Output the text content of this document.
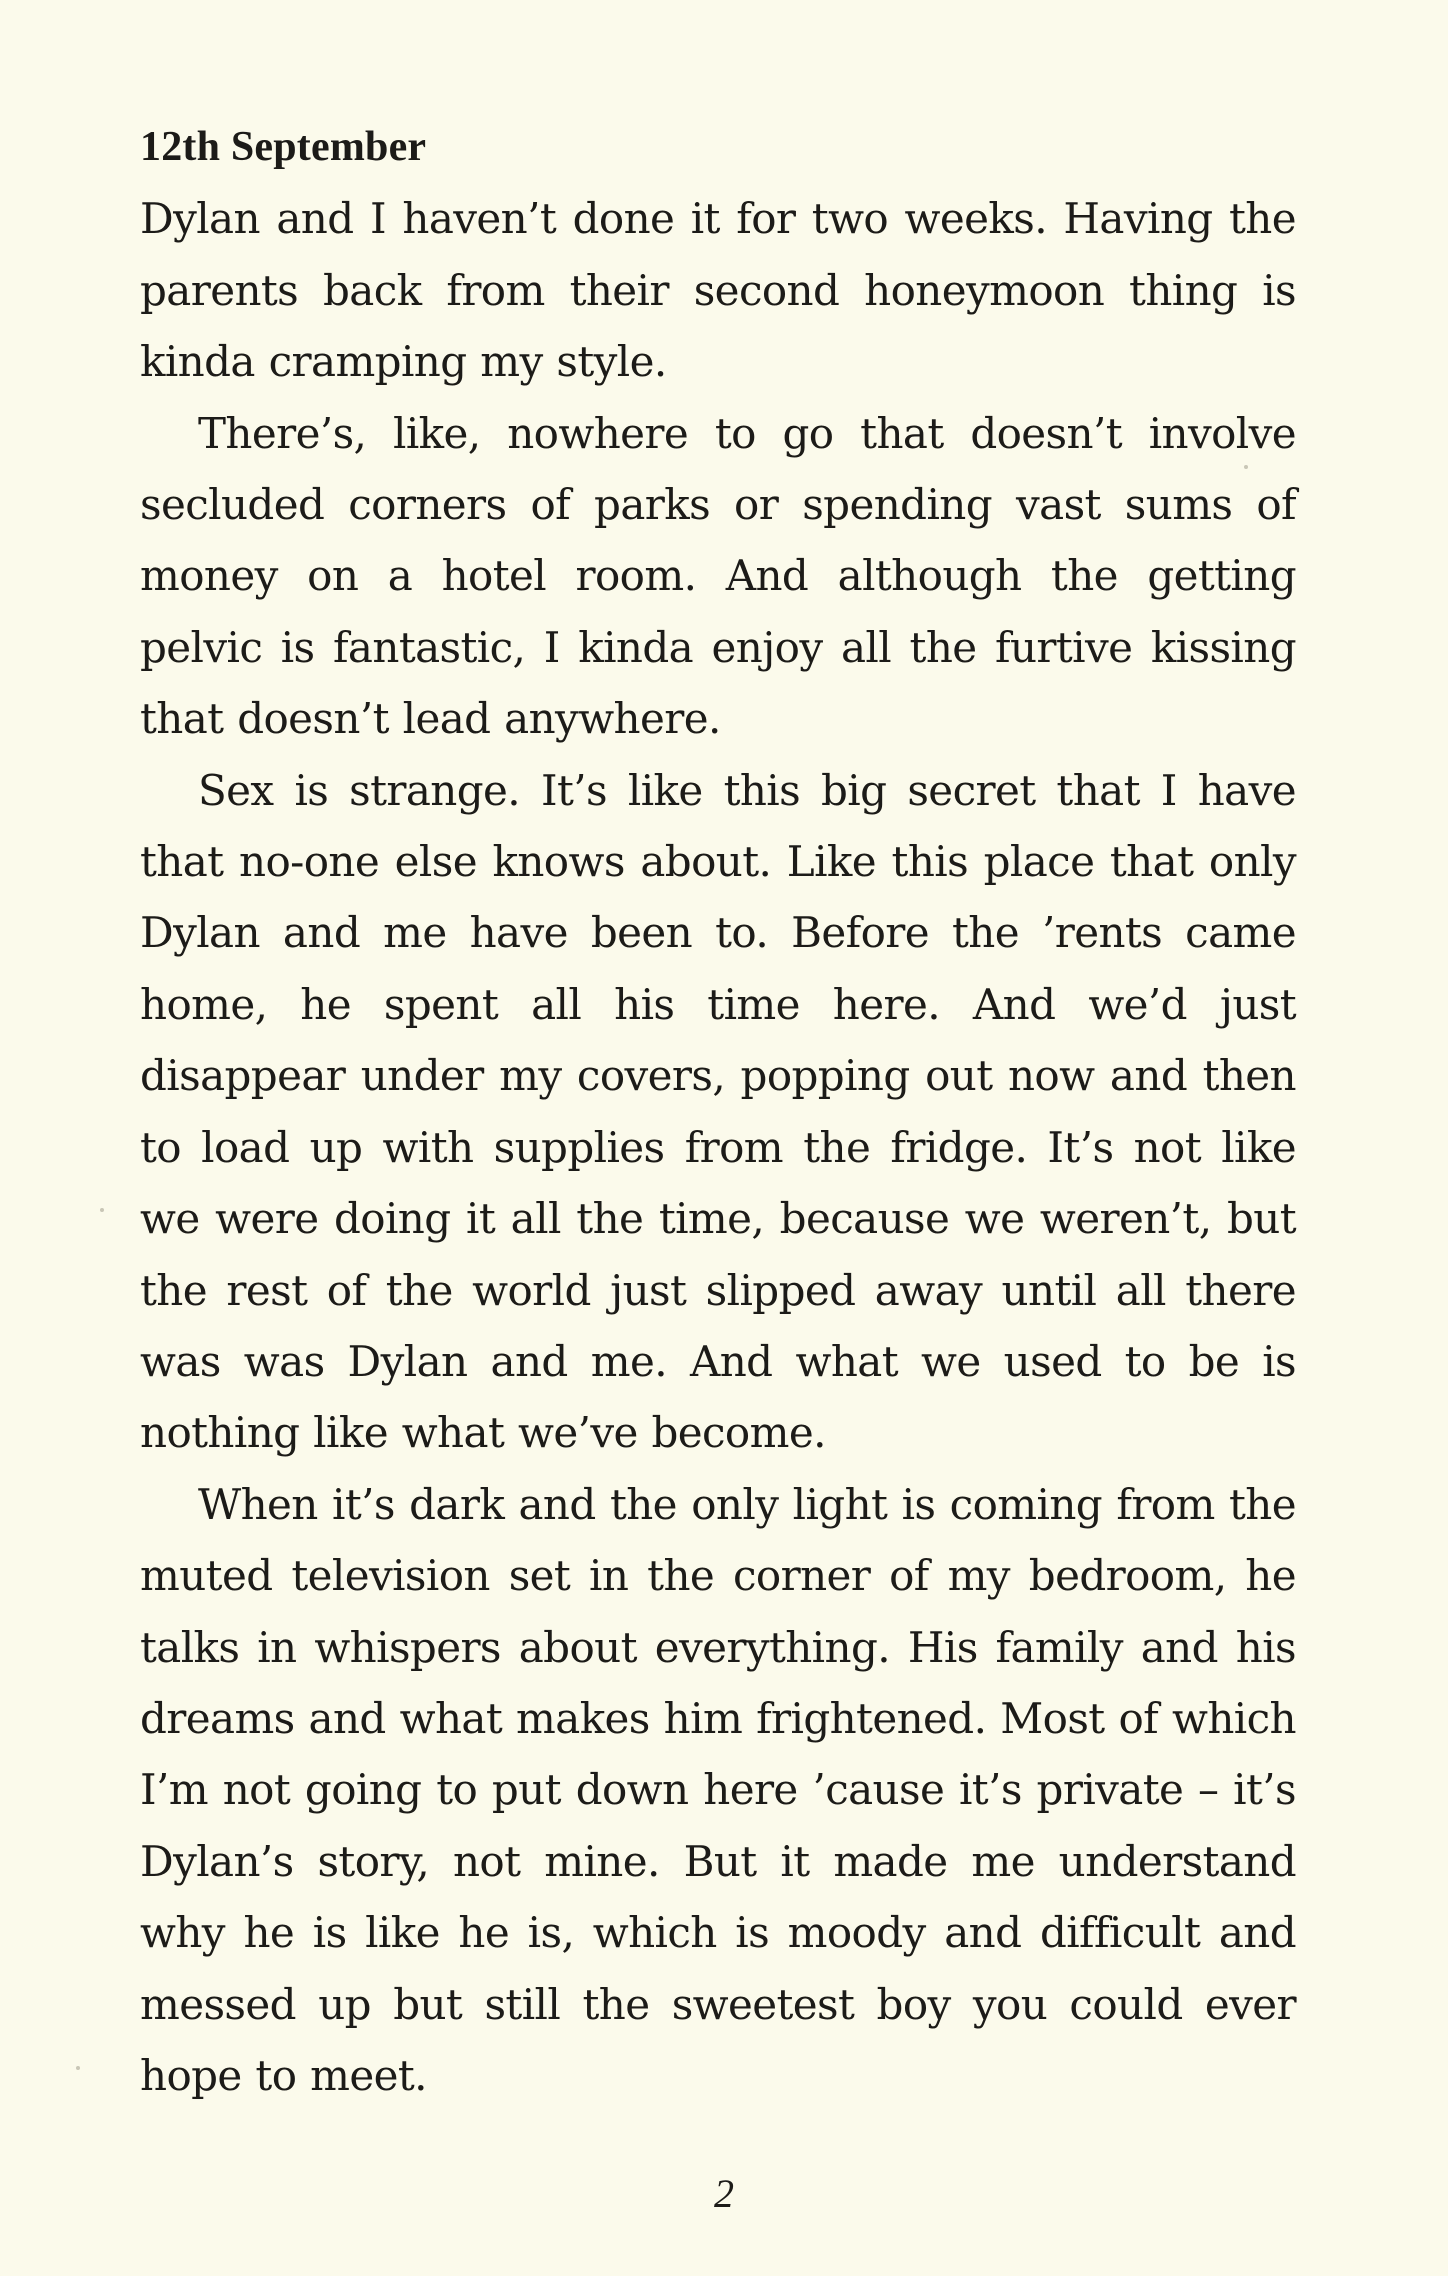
12th September

Dylan and I haven’t done it for two weeks. Having the parents back from their second honeymoon thing is kinda cramping my style.

There’s, like, nowhere to go that doesn’t involve secluded corners of parks or spending vast sums of money on a hotel room. And although the getting pelvic is fantastic, I kinda enjoy all the furtive kissing that doesn’t lead anywhere.

Sex is strange. It’s like this big secret that I have that no-one else knows about. Like this place that only Dylan and me have been to. Before the ’rents came home, he spent all his time here. And we’d just disappear under my covers, popping out now and then to load up with supplies from the fridge. It’s not like we were doing it all the time, because we weren’t, but the rest of the world just slipped away until all there was was Dylan and me. And what we used to be is nothing like what we’ve become.

When it’s dark and the only light is coming from the muted television set in the corner of my bedroom, he talks in whispers about everything. His family and his dreams and what makes him frightened. Most of which I’m not going to put down here ’cause it’s private – it’s Dylan’s story, not mine. But it made me understand why he is like he is, which is moody and difficult and messed up but still the sweetest boy you could ever hope to meet.

2
